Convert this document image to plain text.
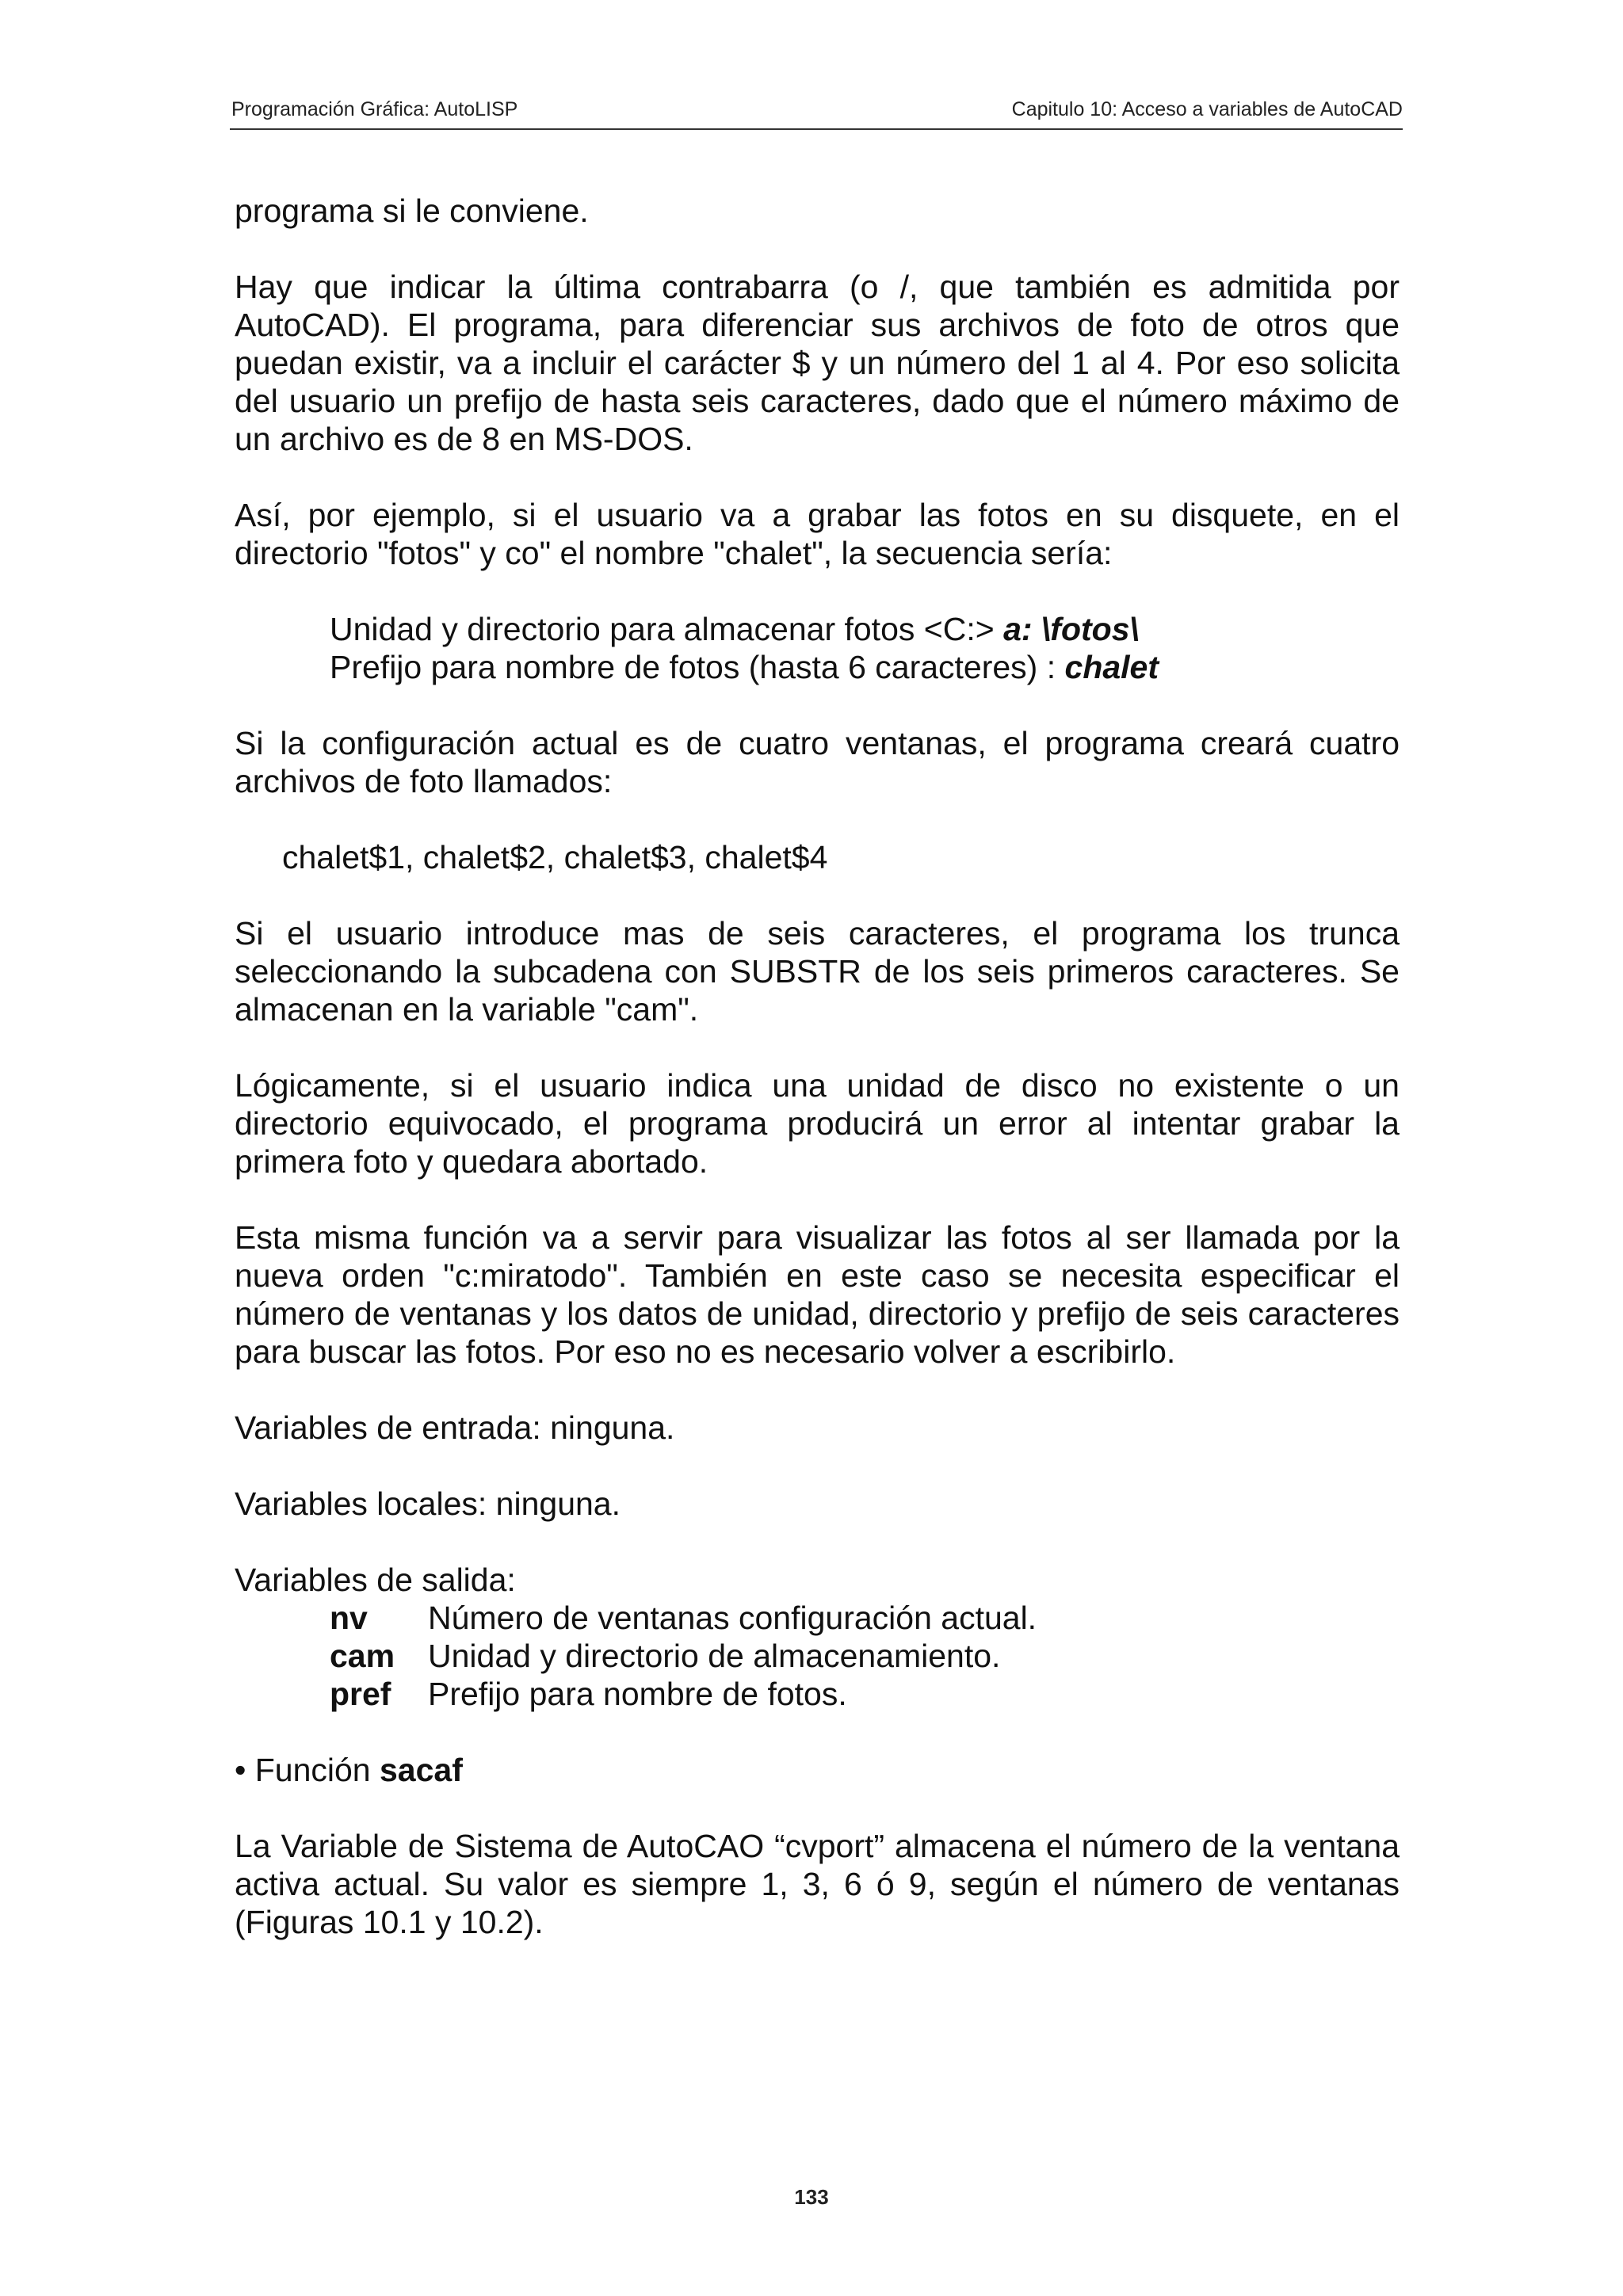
Programación Gráfica: AutoLISP	Capitulo 10: Acceso a variables de AutoCAD

programa si le conviene.

Hay que indicar la última contrabarra (o /, que también es admitida por AutoCAD). El programa, para diferenciar sus archivos de foto de otros que puedan existir, va a incluir el carácter $ y un número del 1 al 4. Por eso solicita del usuario un prefijo de hasta seis caracteres, dado que el número máximo de un archivo es de 8 en MS-DOS.

Así, por ejemplo, si el usuario va a grabar las fotos en su disquete, en el directorio "fotos" y co" el nombre "chalet", la secuencia sería:

Unidad y directorio para almacenar fotos <C:> a: \fotos\
Prefijo para nombre de fotos (hasta 6 caracteres) : chalet

Si la configuración actual es de cuatro ventanas, el programa creará cuatro archivos de foto llamados:

chalet$1, chalet$2, chalet$3, chalet$4

Si el usuario introduce mas de seis caracteres, el programa los trunca seleccionando la subcadena con SUBSTR de los seis primeros caracteres. Se almacenan en la variable "cam".

Lógicamente, si el usuario indica una unidad de disco no existente o un directorio equivocado, el programa producirá un error al intentar grabar la primera foto y quedara abortado.

Esta misma función va a servir para visualizar las fotos al ser llamada por la nueva orden "c:miratodo". También en este caso se necesita especificar el número de ventanas y los datos de unidad, directorio y prefijo de seis caracteres para buscar las fotos. Por eso no es necesario volver a escribirlo.

Variables de entrada: ninguna.

Variables locales: ninguna.

Variables de salida:

nv	Número de ventanas configuración actual.
cam	Unidad y directorio de almacenamiento.
pref	Prefijo para nombre de fotos.

• Función sacaf

La Variable de Sistema de AutoCAO “cvport” almacena el número de la ventana activa actual. Su valor es siempre 1, 3, 6 ó 9, según el número de ventanas (Figuras 10.1 y 10.2).

133
